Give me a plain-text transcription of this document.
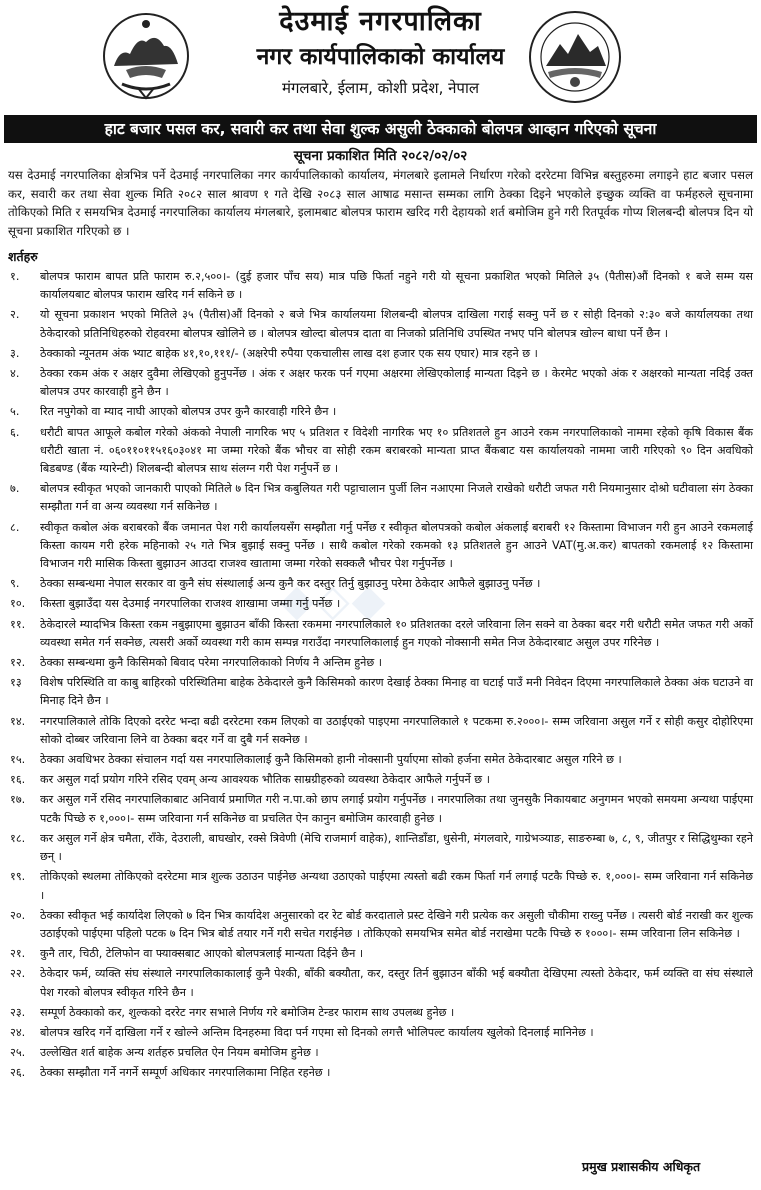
देउमाई नगरपालिका
नगर कार्यपालिकाको कार्यालय
मंगलबारे, ईलाम, कोशी प्रदेश, नेपाल
हाट बजार पसल कर, सवारी कर तथा सेवा शुल्क असुली ठेक्काको बोलपत्र आव्हान गरिएको सूचना
सूचना प्रकाशित मिति २०८२/०२/०२
यस देउमाई नगरपालिका क्षेत्रभित्र पर्ने देउमाई नगरपालिका नगर कार्यपालिकाको कार्यालय, मंगलबारे इलामले निर्धारण गरेको दररेटमा विभिन्न बस्तुहरुमा लगाइने हाट बजार पसल कर, सवारी कर तथा सेवा शुल्क मिति २०८२ साल श्रावण १ गते देखि २०८३ साल आषाढ मसान्त सम्मका लागि ठेक्का दिइने भएकोले इच्छुक व्यक्ति वा फर्महरुले सूचनामा तोकिएको मिति र समयभित्र देउमाई नगरपालिका कार्यालय मंगलबारे, इलामबाट बोलपत्र फाराम खरिद गरी देहायको शर्त बमोजिम हुने गरी रितपूर्वक गोप्य शिलबन्दी बोलपत्र दिन यो सूचना प्रकाशित गरिएको छ ।
शर्तहरु
◆◇◆
१.	बोलपत्र फाराम बापत प्रति फाराम रु.२,५००।- (दुई हजार पाँच सय) मात्र पछि फिर्ता नहुने गरी यो सूचना प्रकाशित भएको मितिले ३५ (पैतीस)औं दिनको १ बजे सम्म यस कार्यालयबाट बोलपत्र फाराम खरिद गर्न सकिने छ ।
२.	यो सूचना प्रकाशन भएको मितिले ३५ (पैतीस)औं दिनको २ बजे भित्र कार्यालयमा शिलबन्दी बोलपत्र दाखिला गराई सक्नु पर्ने छ र सोही दिनको २:३० बजे कार्यालयका तथा ठेकेदारको प्रतिनिधिहरुको रोहवरमा बोलपत्र खोलिने छ । बोलपत्र खोल्दा बोलपत्र दाता वा निजको प्रतिनिधि उपस्थित नभए पनि बोलपत्र खोल्न बाधा पर्ने छैन ।
३.	ठेक्काको न्यूनतम अंक भ्याट बाहेक ४१,१०,१११/- (अक्षरेपी रुपैया एकचालीस लाख दश हजार एक सय एघार) मात्र रहने छ ।
४.	ठेक्का रकम अंक र अक्षर दुवैमा लेखिएको हुनुपर्नेछ । अंक र अक्षर फरक पर्न गएमा अक्षरमा लेखिएकोलाई मान्यता दिइने छ । केरमेट भएको अंक र अक्षरको मान्यता नदिई उक्त बोलपत्र उपर कारवाही हुने छैन ।
५.	रित नपुगेको वा म्याद नाघी आएको बोलपत्र उपर कुनै कारवाही गरिने छैन ।
६.	धरौटी बापत आफूले कबोल गरेको अंकको नेपाली नागरिक भए ५ प्रतिशत र विदेशी नागरिक भए १० प्रतिशतले हुन आउने रकम नगरपालिकाको नाममा रहेको कृषि विकास बैंक धरौटी खाता नं. ०६०११०११५१६०३०४१ मा जम्मा गरेको बैंक भौचर वा सोही रकम बराबरको मान्यता प्राप्त बैंकबाट यस कार्यालयको नाममा जारी गरिएको ९० दिन अवधिको बिडबण्ड (बैंक ग्यारेन्टी) शिलबन्दी बोलपत्र साथ संलग्न गरी पेश गर्नुपर्ने छ ।
७.	बोलपत्र स्वीकृत भएको जानकारी पाएको मितिले ७ दिन भित्र कबुलियत गरी पट्टाचालान पुर्जी लिन नआएमा निजले राखेको धरौटी जफत गरी नियमानुसार दोश्रो घटीवाला संग ठेक्का सम्झौता गर्न वा अन्य व्यवस्था गर्न सकिनेछ ।
८.	स्वीकृत कबोल अंक बराबरको बैंक जमानत पेश गरी कार्यालयसँग सम्झौता गर्नु पर्नेछ र स्वीकृत बोलपत्रको कबोल अंकलाई बराबरी १२ किस्तामा विभाजन गरी हुन आउने रकमलाई किस्ता कायम गरी हरेक महिनाको २५ गते भित्र बुझाई सक्नु पर्नेछ । साथै कबोल गरेको रकमको १३ प्रतिशतले हुन आउने VAT(मु.अ.कर) बापतको रकमलाई १२ किस्तामा विभाजन गरी मासिक किस्ता बुझाउन आउदा राजश्व खातामा जम्मा गरेको सक्कलै भौचर पेश गर्नुपर्नेछ ।
९.	ठेक्का सम्बन्धमा नेपाल सरकार वा कुनै संघ संस्थालाई अन्य कुनै कर दस्तुर तिर्नु बुझाउनु परेमा ठेकेदार आफैले बुझाउनु पर्नेछ ।
१०.	किस्ता बुझाउँदा यस देउमाई नगरपालिका राजश्व शाखामा जम्मा गर्नु पर्नेछ ।
११.	ठेकेदारले म्यादभित्र किस्ता रकम नबुझाएमा बुझाउन बाँकी किस्ता रकममा नगरपालिकाले १० प्रतिशतका दरले जरिवाना लिन सक्ने वा ठेक्का बदर गरी धरौटी समेत जफत गरी अर्को व्यवस्था समेत गर्न सक्नेछ, त्यसरी अर्को व्यवस्था गरी काम सम्पन्न गराउँदा नगरपालिकालाई हुन गएको नोक्सानी समेत निज ठेकेदारबाट असुल उपर गरिनेछ ।
१२.	ठेक्का सम्बन्धमा कुनै किसिमको बिवाद परेमा नगरपालिकाको निर्णय नै अन्तिम हुनेछ ।
१३	विशेष परिस्थिति वा काबु बाहिरको परिस्थितिमा बाहेक ठेकेदारले कुनै किसिमको कारण देखाई ठेक्का मिनाह वा घटाई पाउँ मनी निवेदन दिएमा नगरपालिकाले ठेक्का अंक घटाउने वा मिनाह दिने छैन ।
१४.	नगरपालिकाले तोकि दिएको दररेट भन्दा बढी दररेटमा रकम लिएको वा उठाईएको पाइएमा नगरपालिकाले १ पटकमा रु.२०००।- सम्म जरिवाना असुल गर्ने र सोही कसुर दोहोरिएमा सोको दोब्बर जरिवाना लिने वा ठेक्का बदर गर्ने वा दुबै गर्न सक्नेछ ।
१५.	ठेक्का अवधिभर ठेक्का संचालन गर्दा यस नगरपालिकालाई कुनै किसिमको हानी नोक्सानी पुर्याएमा सोको हर्जना समेत ठेकेदारबाट असुल गरिने छ ।
१६.	कर असुल गर्दा प्रयोग गरिने रसिद एवम् अन्य आवश्यक भौतिक साम्रग्रीहरुको व्यवस्था ठेकेदार आफैले गर्नुपर्ने छ ।
१७.	कर असुल गर्ने रसिद नगरपालिकाबाट अनिवार्य प्रमाणित गरी न.पा.को छाप लगाई प्रयोग गर्नुपर्नेछ । नगरपालिका तथा जुनसुकै निकायबाट अनुगमन भएको समयमा अन्यथा पाईएमा पटकै पिच्छे रु १,०००।- सम्म जरिवाना गर्न सकिनेछ वा प्रचलित ऐन कानुन बमोजिम कारवाही हुनेछ ।
१८.	कर असुल गर्ने क्षेत्र चमैता, राँके, देउराली, बाघखोर, रक्से त्रिवेणी (मेचि राजमार्ग वाहेक), शान्तिडाँडा, धुसेनी, मंगलवारे, गाग्रेभञ्याङ, साङरुम्बा ७, ८, ९, जीतपुर र सिद्धिथुम्का रहने छन् ।
१९.	तोकिएको स्थलमा तोकिएको दररेटमा मात्र शुल्क उठाउन पाईनेछ अन्यथा उठाएको पाईएमा त्यस्तो बढी रकम फिर्ता गर्न लगाई पटकै पिच्छे रु. १,०००।- सम्म जरिवाना गर्न सकिनेछ ।
२०.	ठेक्का स्वीकृत भई कार्यादेश लिएको ७ दिन भित्र कार्यादेश अनुसारको दर रेट बोर्ड करदाताले प्रस्ट देखिने गरी प्रत्येक कर असुली चौकीमा राख्नु पर्नेछ । त्यसरी बोर्ड नराखी कर शुल्क उठाईएको पाईएमा पहिलो पटक ७ दिन भित्र बोर्ड तयार गर्ने गरी सचेत गराईनेछ । तोकिएको समयभित्र समेत बोर्ड नराखेमा पटकै पिच्छे रु १०००।- सम्म जरिवाना लिन सकिनेछ ।
२१.	कुनै तार, चिठी, टेलिफोन वा फ्याक्सबाट आएको बोलपत्रलाई मान्यता दिईने छैन ।
२२.	ठेकेदार फर्म, व्यक्ति संघ संस्थाले नगरपालिकाकालाई कुनै पेश्की, बाँकी बक्यौता, कर, दस्तुर तिर्न बुझाउन बाँकी भई बक्यौता देखिएमा त्यस्तो ठेकेदार, फर्म व्यक्ति वा संघ संस्थाले पेश गरको बोलपत्र स्वीकृत गरिने छैन ।
२३.	सम्पूर्ण ठेक्काको कर, शुल्कको दररेट नगर सभाले निर्णय गरे बमोजिम टेन्डर फाराम साथ उपलब्ध हुनेछ ।
२४.	बोलपत्र खरिद गर्ने दाखिला गर्ने र खोल्ने अन्तिम दिनहरुमा विदा पर्न गएमा सो दिनको लगत्तै भोलिपल्ट कार्यालय खुलेको दिनलाई मानिनेछ ।
२५.	उल्लेखित शर्त बाहेक अन्य शर्तहरु प्रचलित ऐन नियम बमोजिम हुनेछ ।
२६.	ठेक्का सम्झौता गर्ने नगर्ने सम्पूर्ण अधिकार नगरपालिकामा निहित रहनेछ ।
प्रमुख प्रशासकीय अधिकृत
